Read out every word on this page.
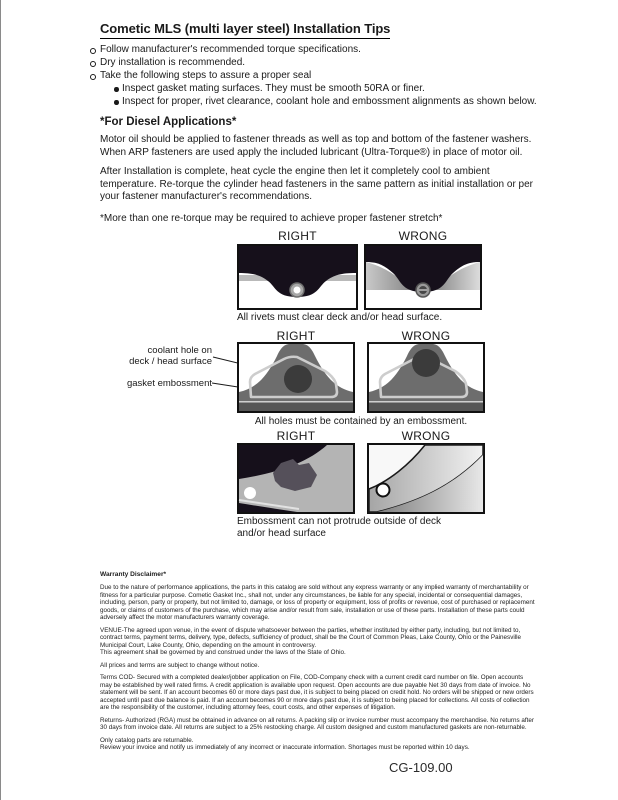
Cometic MLS (multi layer steel) Installation Tips
Follow manufacturer's recommended torque specifications.
Dry installation is recommended.
Take the following steps to assure a proper seal
Inspect gasket mating surfaces. They must be smooth 50RA or finer.
Inspect for proper, rivet clearance, coolant hole and embossment alignments as shown below.
*For Diesel Applications*

Motor oil should be applied to fastener threads as well as top and bottom of the fastener washers. When ARP fasteners are used apply the included lubricant (Ultra-Torque®) in place of motor oil.

After Installation is complete, heat cycle the engine then let it completely cool to ambient temperature. Re-torque the cylinder head fasteners in the same pattern as initial installation or per your fastener manufacturer's recommendations.

*More than one re-torque may be required to achieve proper fastener stretch*
RIGHT	WRONG
All rivets must clear deck and/or head surface.
RIGHT	WRONG
coolant hole on
deck / head surface
gasket embossment
All holes must be contained by an embossment.
RIGHT	WRONG
Embossment can not protrude outside of deck
and/or head surface
Warranty Disclaimer*

Due to the nature of performance applications, the parts in this catalog are sold without any express warranty or any implied warranty of merchantability or fitness for a particular purpose. Cometic Gasket Inc., shall not, under any circumstances, be liable for any special, incidental or consequential damages, including, person, party or property, but not limited to, damage, or loss of property or equipment, loss of profits or revenue, cost of purchased or replacement goods, or claims of customers of the purchase, which may arise and/or result from sale, installation or use of these parts. Installation of these parts could adversely affect the motor manufacturers warranty coverage.

VENUE-The agreed upon venue, in the event of dispute whatsoever between the parties, whether instituted by either party, including, but not limited to, contract terms, payment terms, delivery, type, defects, sufficiency of product, shall be the Court of Common Pleas, Lake County, Ohio or the Painesville Municipal Court, Lake County, Ohio, depending on the amount in controversy.

This agreement shall be governed by and construed under the laws of the State of Ohio.

All prices and terms are subject to change without notice.

Terms COD- Secured with a completed dealer/jobber application on File, COD-Company check with a current credit card number on file. Open accounts may be established by well rated firms. A credit application is available upon request. Open accounts are due payable Net 30 days from date of invoice. No statement will be sent. If an account becomes 60 or more days past due, it is subject to being placed on credit hold. No orders will be shipped or new orders accepted until past due balance is paid. If an account becomes 90 or more days past due, it is subject to being placed for collections. All costs of collection are the responsibility of the customer, including attorney fees, court costs, and other expenses of litigation.

Returns- Authorized (RGA) must be obtained in advance on all returns. A packing slip or invoice number must accompany the merchandise. No returns after 30 days from invoice date. All returns are subject to a 25% restocking charge. All custom designed and custom manufactured gaskets are non-returnable.

Only catalog parts are returnable.

Review your invoice and notify us immediately of any incorrect or inaccurate information. Shortages must be reported within 10 days.

CG-109.00
